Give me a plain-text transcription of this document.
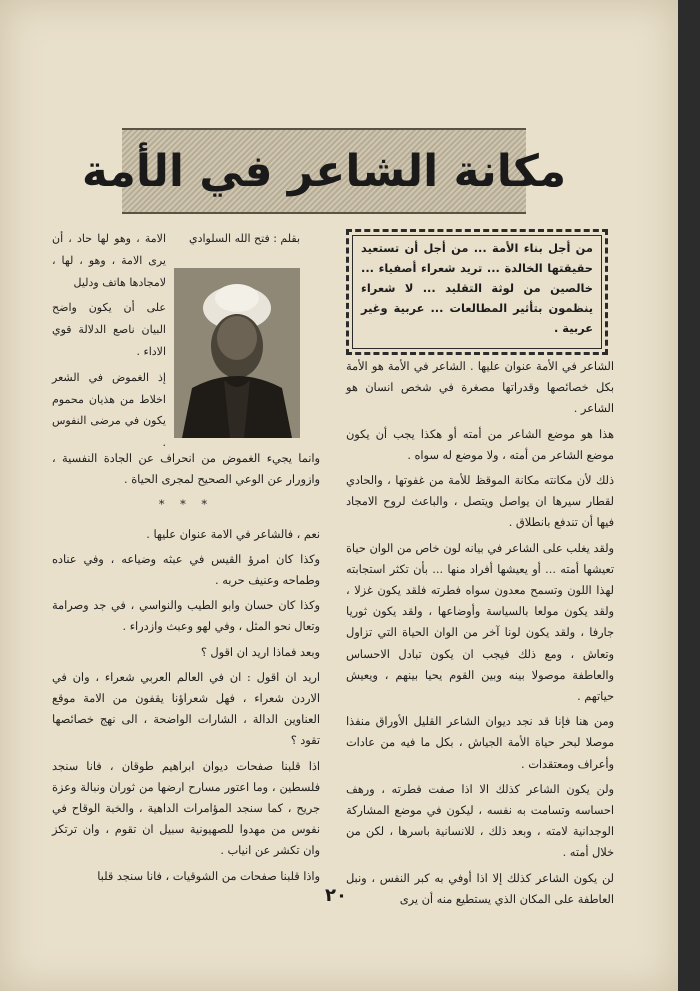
مكانة الشاعر في الأمة
بقلم : فتح الله السلوادي
من أجل بناء الأمة ... من أجل أن تستعيد حقيقتها الخالدة ... تريد شعراء أصفياء ... خالصين من لوثة التقليد ... لا شعراء ينظمون بتأثير المطالعات ... عربية وغير عربية .

الشاعر في الأمة عنوان عليها . الشاعر في الأمة هو الأمة بكل خصائصها وقدراتها مصغرة في شخص انسان هو الشاعر .

هذا هو موضع الشاعر من أمته أو هكذا يجب أن يكون موضع الشاعر من أمته ، ولا موضع له سواه .

ذلك لأن مكانته مكانة الموقظ للأمة من غفوتها ، والحادي لقطار سيرها ان يواصل ويتصل ، والباعث لروح الامجاد فيها أن تندفع بانطلاق .

ولقد يغلب على الشاعر في بيانه لون خاص من الوان حياة تعيشها أمته ... أو يعيشها أفراد منها ... بأن تكثر استجابته لهذا اللون وتسمح معدون سواه فطرته فلقد يكون غزلا ، ولقد يكون مولعا بالسياسة وأوضاعها ، ولقد يكون ثوريا جارفا ، ولقد يكون لونا آخر من الوان الحياة التي تزاول وتعاش ، ومع ذلك فيجب ان يكون تبادل الاحساس والعاطفة موصولا بينه وبين القوم يحيا بينهم ، ويعيش حياتهم .

ومن هنا فإنا قد نجد ديوان الشاعر القليل الأوراق منفذا موصلا لبحر حياة الأمة الجياش ، بكل ما فيه من عادات وأعراف ومعتقدات .

ولن يكون الشاعر كذلك الا اذا صفت فطرته ، ورهف احساسه وتسامت به نفسه ، ليكون في موضع المشاركة الوجدانية لامته ، وبعد ذلك ، للانسانية باسرها ، لكن من خلال أمته .

لن يكون الشاعر كذلك إلا اذا أوفي به كبر النفس ، ونبل العاطفة على المكان الذي يستطيع منه أن يرى

الامة ، وهو لها حاد ، أن يرى الامة ، وهو ، لها ، لامجادها هاتف ودليل

على أن يكون واضح البيان ناصع الدلالة قوي الاداء .

إذ الغموض في الشعر اخلاط من هذيان محموم يكون في مرضى النفوس .

وانما يجيء الغموض من انحراف عن الجادة النفسية ، وازورار عن الوعي الصحيح لمجرى الحياة .

* * *

نعم ، فالشاعر في الامة عنوان عليها .

وكذا كان امرؤ القيس في عبثه وضياعه ، وفي عناده وطماحه وعنيف حربه .

وكذا كان حسان وابو الطيب والنواسي ، في جد وصرامة وتعال نحو المثل ، وفي لهو وعبث وازدراء .

وبعد فماذا اريد ان اقول ؟

اريد ان اقول : ان في العالم العربي شعراء ، وان في الاردن شعراء ، فهل شعراؤنا يقفون من الامة موقع العناوين الدالة ، الشارات الواضحة ، الى نهج خصائصها تقود ؟

اذا قلبنا صفحات ديوان ابراهيم طوقان ، فانا سنجد فلسطين ، وما اعتور مسارح ارضها من ثوران ونبالة وعزة جريح ، كما سنجد المؤامرات الداهية ، والخبة الوقاح في نفوس من مهدوا للصهيونية سبيل ان تقوم ، وان ترتكز وان تكشر عن انياب .

واذا قلبنا صفحات من الشوقيات ، فانا سنجد قلبا

٢٠
